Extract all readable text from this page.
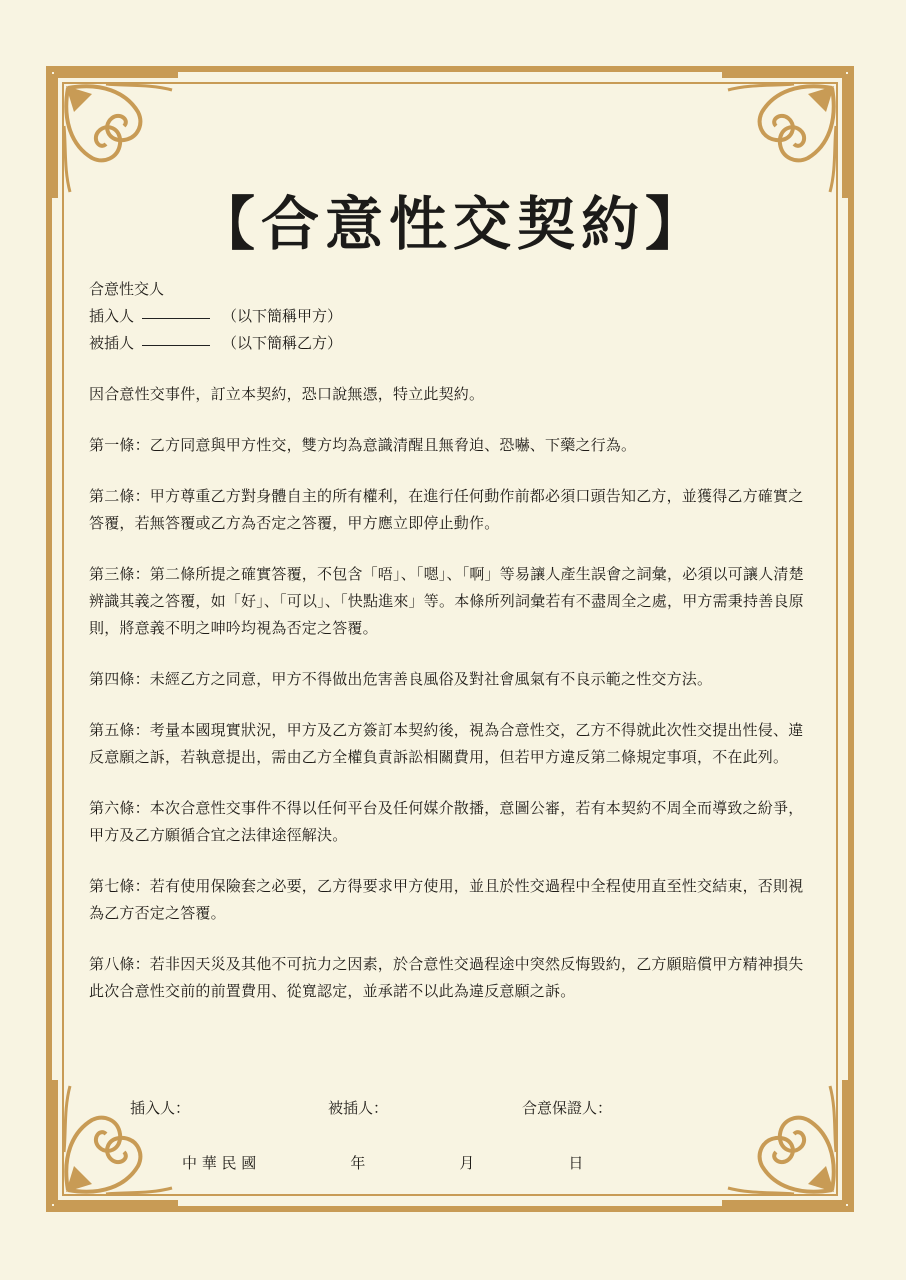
【合意性交契約】
合意性交人
插入人	（以下簡稱甲方）
被插人	（以下簡稱乙方）

因合意性交事件，訂立本契約，恐口說無憑，特立此契約。

第一條：乙方同意與甲方性交，雙方均為意識清醒且無脅迫、恐嚇、下藥之行為。

第二條：甲方尊重乙方對身體自主的所有權利，在進行任何動作前都必須口頭告知乙方，並獲得乙方確實之答覆，若無答覆或乙方為否定之答覆，甲方應立即停止動作。

第三條：第二條所提之確實答覆，不包含「唔」、「嗯」、「啊」等易讓人產生誤會之詞彙，必須以可讓人清楚辨識其義之答覆，如「好」、「可以」、「快點進來」等。本條所列詞彙若有不盡周全之處，甲方需秉持善良原則，將意義不明之呻吟均視為否定之答覆。

第四條：未經乙方之同意，甲方不得做出危害善良風俗及對社會風氣有不良示範之性交方法。

第五條：考量本國現實狀況，甲方及乙方簽訂本契約後，視為合意性交，乙方不得就此次性交提出性侵、違反意願之訴，若執意提出，需由乙方全權負責訴訟相關費用，但若甲方違反第二條規定事項，不在此列。

第六條：本次合意性交事件不得以任何平台及任何媒介散播，意圖公審，若有本契約不周全而導致之紛爭，甲方及乙方願循合宜之法律途徑解決。

第七條：若有使用保險套之必要，乙方得要求甲方使用，並且於性交過程中全程使用直至性交結束，否則視為乙方否定之答覆。

第八條：若非因天災及其他不可抗力之因素，於合意性交過程途中突然反悔毀約，乙方願賠償甲方精神損失此次合意性交前的前置費用、從寬認定，並承諾不以此為違反意願之訴。

插入人：	被插人：	合意保證人：
中 華 民 國	年	月	日
